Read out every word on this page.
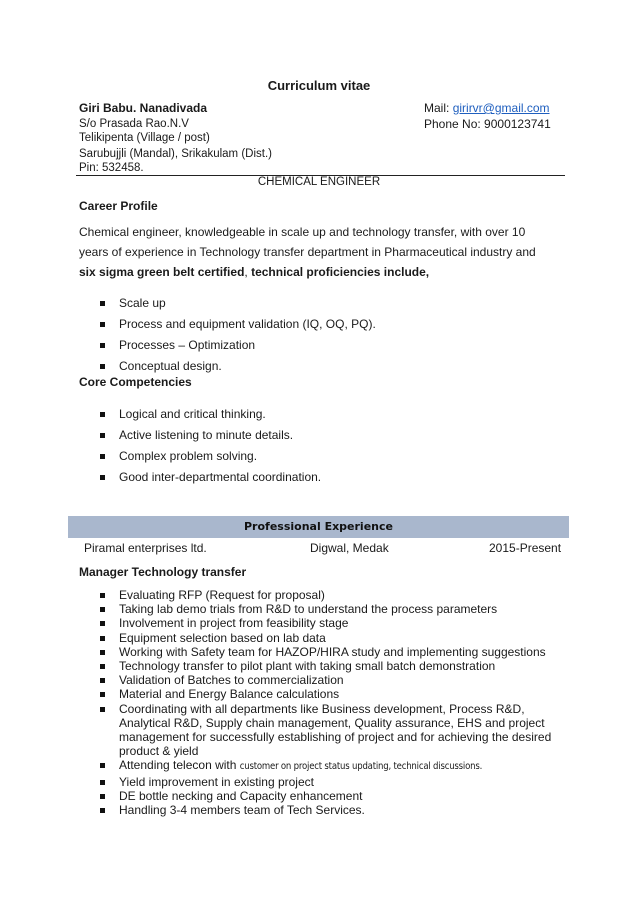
Curriculum vitae
Giri Babu. Nanadivada	Mail: girirvr@gmail.com
S/o Prasada Rao.N.V	Phone No: 9000123741
Telikipenta (Village / post)
Sarubujjli (Mandal), Srikakulam (Dist.)
Pin: 532458.
CHEMICAL ENGINEER
Career Profile
Chemical engineer, knowledgeable in scale up and technology transfer, with over 10
years of experience in Technology transfer department in Pharmaceutical industry and
six sigma green belt certified, technical proficiencies include,
Scale up
Process and equipment validation (IQ, OQ, PQ).
Processes – Optimization
Conceptual design.
Core Competencies
Logical and critical thinking.
Active listening to minute details.
Complex problem solving.
Good inter-departmental coordination.
Professional Experience
Piramal enterprises ltd.	Digwal, Medak	2015-Present
Manager Technology transfer
Evaluating RFP (Request for proposal)
Taking lab demo trials from R&D to understand the process parameters
Involvement in project from feasibility stage
Equipment selection based on lab data
Working with Safety team for HAZOP/HIRA study and implementing suggestions
Technology transfer to pilot plant with taking small batch demonstration
Validation of Batches to commercialization
Material and Energy Balance calculations
Coordinating with all departments like Business development, Process R&D, Analytical R&D, Supply chain management, Quality assurance, EHS and project management for successfully establishing of project and for achieving the desired product & yield
Attending telecon with customer on project status updating, technical discussions.
Yield improvement in existing project
DE bottle necking and Capacity enhancement
Handling 3-4 members team of Tech Services.
